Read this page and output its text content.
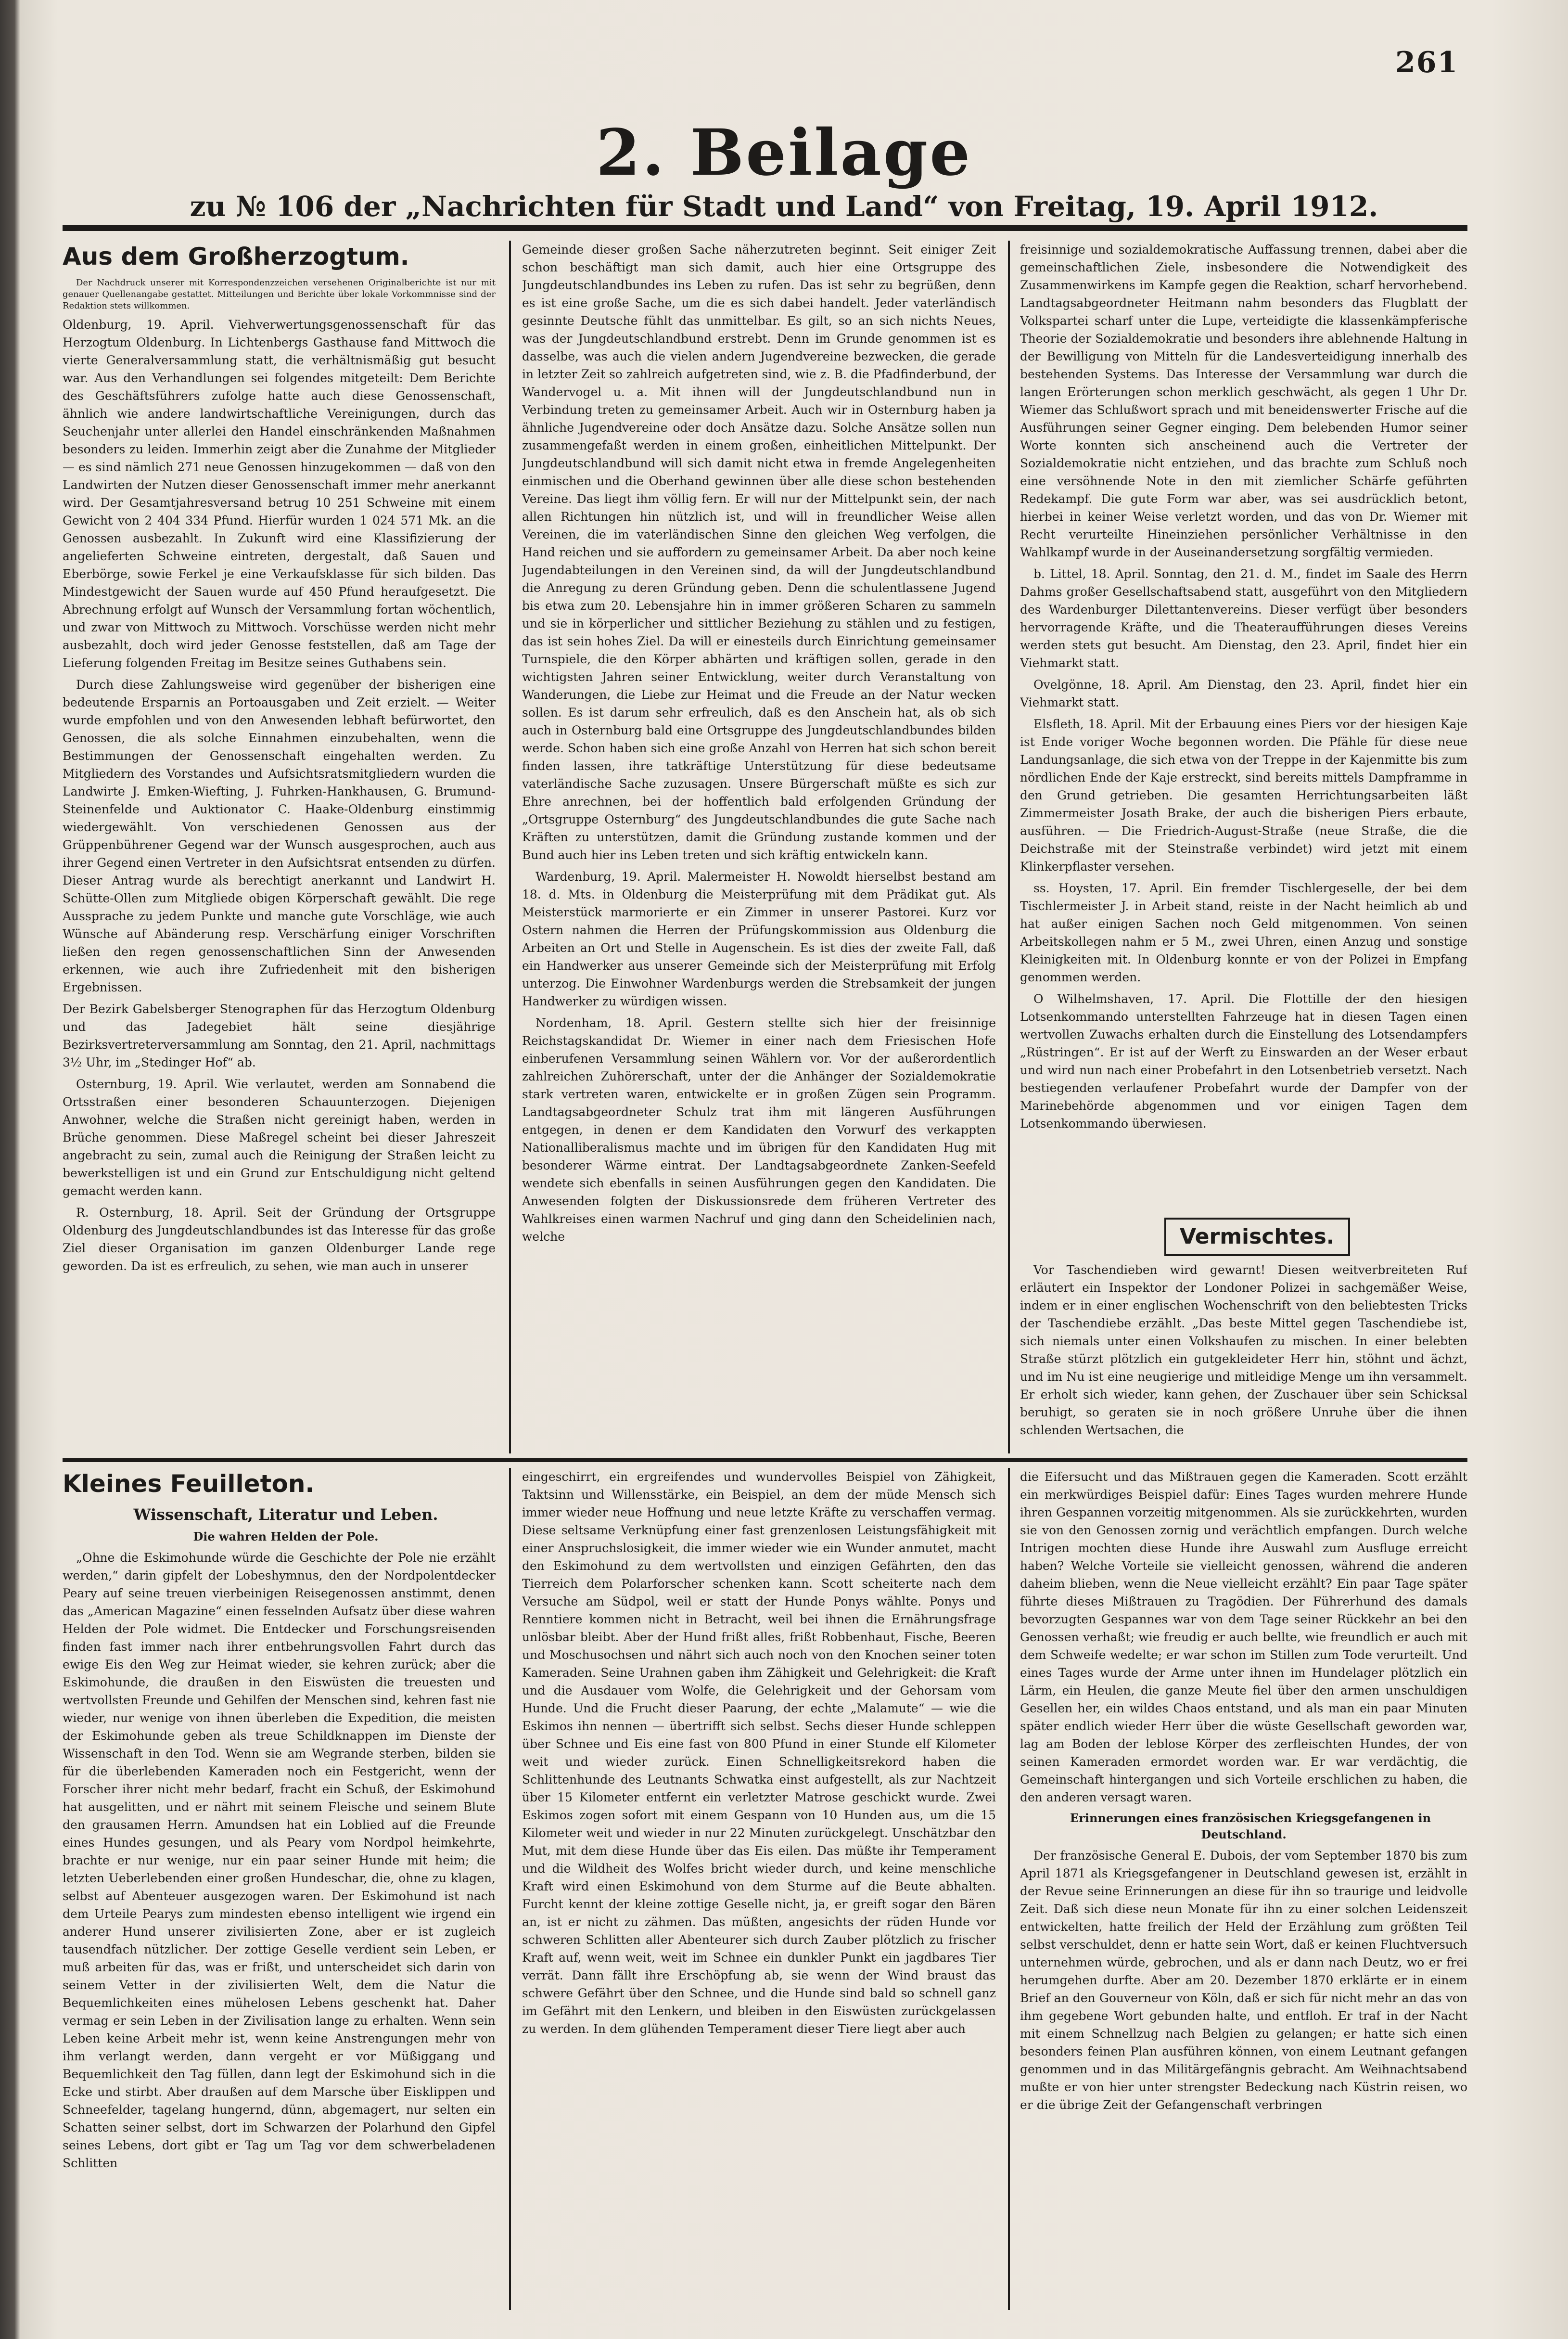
261
2. Beilage
zu № 106 der „Nachrichten für Stadt und Land“ von Freitag, 19. April 1912.
Aus dem Großherzogtum.

Der Nachdruck unserer mit Korrespondenzzeichen versehenen Originalberichte ist nur mit genauer Quellenangabe gestattet. Mitteilungen und Berichte über lokale Vorkommnisse sind der Redaktion stets willkommen.

Oldenburg, 19. April. Viehverwertungsgenossenschaft für das Herzogtum Oldenburg. In Lichtenbergs Gasthause fand Mittwoch die vierte Generalversammlung statt, die verhältnismäßig gut besucht war. Aus den Verhandlungen sei folgendes mitgeteilt: Dem Berichte des Geschäftsführers zufolge hatte auch diese Genossenschaft, ähnlich wie andere landwirtschaftliche Vereinigungen, durch das Seuchenjahr unter allerlei den Handel einschränkenden Maßnahmen besonders zu leiden. Immerhin zeigt aber die Zunahme der Mitglieder — es sind nämlich 271 neue Genossen hinzugekommen — daß von den Landwirten der Nutzen dieser Genossenschaft immer mehr anerkannt wird. Der Gesamtjahresversand betrug 10 251 Schweine mit einem Gewicht von 2 404 334 Pfund. Hierfür wurden 1 024 571 Mk. an die Genossen ausbezahlt. In Zukunft wird eine Klassifizierung der angelieferten Schweine eintreten, dergestalt, daß Sauen und Eberbörge, sowie Ferkel je eine Verkaufsklasse für sich bilden. Das Mindestgewicht der Sauen wurde auf 450 Pfund heraufgesetzt. Die Abrechnung erfolgt auf Wunsch der Versammlung fortan wöchentlich, und zwar von Mittwoch zu Mittwoch. Vorschüsse werden nicht mehr ausbezahlt, doch wird jeder Genosse feststellen, daß am Tage der Lieferung folgenden Freitag im Besitze seines Guthabens sein.

Durch diese Zahlungsweise wird gegenüber der bisherigen eine bedeutende Ersparnis an Portoausgaben und Zeit erzielt. — Weiter wurde empfohlen und von den Anwesenden lebhaft befürwortet, den Genossen, die als solche Einnahmen einzubehalten, wenn die Bestimmungen der Genossenschaft eingehalten werden. Zu Mitgliedern des Vorstandes und Aufsichtsratsmitgliedern wurden die Landwirte J. Emken-Wiefting, J. Fuhrken-Hankhausen, G. Brumund-Steinenfelde und Auktionator C. Haake-Oldenburg einstimmig wiedergewählt. Von verschiedenen Genossen aus der Grüppenbührener Gegend war der Wunsch ausgesprochen, auch aus ihrer Gegend einen Vertreter in den Aufsichtsrat entsenden zu dürfen. Dieser Antrag wurde als berechtigt anerkannt und Landwirt H. Schütte-Ollen zum Mitgliede obigen Körperschaft gewählt. Die rege Aussprache zu jedem Punkte und manche gute Vorschläge, wie auch Wünsche auf Abänderung resp. Verschärfung einiger Vorschriften ließen den regen genossenschaftlichen Sinn der Anwesenden erkennen, wie auch ihre Zufriedenheit mit den bisherigen Ergebnissen.

Der Bezirk Gabelsberger Stenographen für das Herzogtum Oldenburg und das Jadegebiet hält seine diesjährige Bezirksvertreterversammlung am Sonntag, den 21. April, nachmittags 3½ Uhr, im „Stedinger Hof“ ab.

Osternburg, 19. April. Wie verlautet, werden am Sonnabend die Ortsstraßen einer besonderen Schauunterzogen. Diejenigen Anwohner, welche die Straßen nicht gereinigt haben, werden in Brüche genommen. Diese Maßregel scheint bei dieser Jahreszeit angebracht zu sein, zumal auch die Reinigung der Straßen leicht zu bewerkstelligen ist und ein Grund zur Entschuldigung nicht geltend gemacht werden kann.

R. Osternburg, 18. April. Seit der Gründung der Ortsgruppe Oldenburg des Jungdeutschlandbundes ist das Interesse für das große Ziel dieser Organisation im ganzen Oldenburger Lande rege geworden. Da ist es erfreulich, zu sehen, wie man auch in unserer

Gemeinde dieser großen Sache näherzutreten beginnt. Seit einiger Zeit schon beschäftigt man sich damit, auch hier eine Ortsgruppe des Jungdeutschlandbundes ins Leben zu rufen. Das ist sehr zu begrüßen, denn es ist eine große Sache, um die es sich dabei handelt. Jeder vaterländisch gesinnte Deutsche fühlt das unmittelbar. Es gilt, so an sich nichts Neues, was der Jungdeutschlandbund erstrebt. Denn im Grunde genommen ist es dasselbe, was auch die vielen andern Jugendvereine bezwecken, die gerade in letzter Zeit so zahlreich aufgetreten sind, wie z. B. die Pfadfinderbund, der Wandervogel u. a. Mit ihnen will der Jungdeutschlandbund nun in Verbindung treten zu gemeinsamer Arbeit. Auch wir in Osternburg haben ja ähnliche Jugendvereine oder doch Ansätze dazu. Solche Ansätze sollen nun zusammengefaßt werden in einem großen, einheitlichen Mittelpunkt. Der Jungdeutschlandbund will sich damit nicht etwa in fremde Angelegenheiten einmischen und die Oberhand gewinnen über alle diese schon bestehenden Vereine. Das liegt ihm völlig fern. Er will nur der Mittelpunkt sein, der nach allen Richtungen hin nützlich ist, und will in freundlicher Weise allen Vereinen, die im vaterländischen Sinne den gleichen Weg verfolgen, die Hand reichen und sie auffordern zu gemeinsamer Arbeit. Da aber noch keine Jugendabteilungen in den Vereinen sind, da will der Jungdeutschlandbund die Anregung zu deren Gründung geben. Denn die schulentlassene Jugend bis etwa zum 20. Lebensjahre hin in immer größeren Scharen zu sammeln und sie in körperlicher und sittlicher Beziehung zu stählen und zu festigen, das ist sein hohes Ziel. Da will er einesteils durch Einrichtung gemeinsamer Turnspiele, die den Körper abhärten und kräftigen sollen, gerade in den wichtigsten Jahren seiner Entwicklung, weiter durch Veranstaltung von Wanderungen, die Liebe zur Heimat und die Freude an der Natur wecken sollen. Es ist darum sehr erfreulich, daß es den Anschein hat, als ob sich auch in Osternburg bald eine Ortsgruppe des Jungdeutschlandbundes bilden werde. Schon haben sich eine große Anzahl von Herren hat sich schon bereit finden lassen, ihre tatkräftige Unterstützung für diese bedeutsame vaterländische Sache zuzusagen. Unsere Bürgerschaft müßte es sich zur Ehre anrechnen, bei der hoffentlich bald erfolgenden Gründung der „Ortsgruppe Osternburg“ des Jungdeutschlandbundes die gute Sache nach Kräften zu unterstützen, damit die Gründung zustande kommen und der Bund auch hier ins Leben treten und sich kräftig entwickeln kann.

Wardenburg, 19. April. Malermeister H. Nowoldt hierselbst bestand am 18. d. Mts. in Oldenburg die Meisterprüfung mit dem Prädikat gut. Als Meisterstück marmorierte er ein Zimmer in unserer Pastorei. Kurz vor Ostern nahmen die Herren der Prüfungskommission aus Oldenburg die Arbeiten an Ort und Stelle in Augenschein. Es ist dies der zweite Fall, daß ein Handwerker aus unserer Gemeinde sich der Meisterprüfung mit Erfolg unterzog. Die Einwohner Wardenburgs werden die Strebsamkeit der jungen Handwerker zu würdigen wissen.

Nordenham, 18. April. Gestern stellte sich hier der freisinnige Reichstagskandidat Dr. Wiemer in einer nach dem Friesischen Hofe einberufenen Versammlung seinen Wählern vor. Vor der außerordentlich zahlreichen Zuhörerschaft, unter der die Anhänger der Sozialdemokratie stark vertreten waren, entwickelte er in großen Zügen sein Programm. Landtagsabgeordneter Schulz trat ihm mit längeren Ausführungen entgegen, in denen er dem Kandidaten den Vorwurf des verkappten Nationalliberalismus machte und im übrigen für den Kandidaten Hug mit besonderer Wärme eintrat. Der Landtagsabgeordnete Zanken-Seefeld wendete sich ebenfalls in seinen Ausführungen gegen den Kandidaten. Die Anwesenden folgten der Diskussionsrede dem früheren Vertreter des Wahlkreises einen warmen Nachruf und ging dann den Scheidelinien nach, welche

freisinnige und sozialdemokratische Auffassung trennen, dabei aber die gemeinschaftlichen Ziele, insbesondere die Notwendigkeit des Zusammenwirkens im Kampfe gegen die Reaktion, scharf hervorhebend. Landtagsabgeordneter Heitmann nahm besonders das Flugblatt der Volkspartei scharf unter die Lupe, verteidigte die klassenkämpferische Theorie der Sozialdemokratie und besonders ihre ablehnende Haltung in der Bewilligung von Mitteln für die Landesverteidigung innerhalb des bestehenden Systems. Das Interesse der Versammlung war durch die langen Erörterungen schon merklich geschwächt, als gegen 1 Uhr Dr. Wiemer das Schlußwort sprach und mit beneidenswerter Frische auf die Ausführungen seiner Gegner einging. Dem belebenden Humor seiner Worte konnten sich anscheinend auch die Vertreter der Sozialdemokratie nicht entziehen, und das brachte zum Schluß noch eine versöhnende Note in den mit ziemlicher Schärfe geführten Redekampf. Die gute Form war aber, was sei ausdrücklich betont, hierbei in keiner Weise verletzt worden, und das von Dr. Wiemer mit Recht verurteilte Hineinziehen persönlicher Verhältnisse in den Wahlkampf wurde in der Auseinandersetzung sorgfältig vermieden.

b. Littel, 18. April. Sonntag, den 21. d. M., findet im Saale des Herrn Dahms großer Gesellschaftsabend statt, ausgeführt von den Mitgliedern des Wardenburger Dilettantenvereins. Dieser verfügt über besonders hervorragende Kräfte, und die Theateraufführungen dieses Vereins werden stets gut besucht. Am Dienstag, den 23. April, findet hier ein Viehmarkt statt.

Ovelgönne, 18. April. Am Dienstag, den 23. April, findet hier ein Viehmarkt statt.

Elsfleth, 18. April. Mit der Erbauung eines Piers vor der hiesigen Kaje ist Ende voriger Woche begonnen worden. Die Pfähle für diese neue Landungsanlage, die sich etwa von der Treppe in der Kajenmitte bis zum nördlichen Ende der Kaje erstreckt, sind bereits mittels Dampframme in den Grund getrieben. Die gesamten Herrichtungsarbeiten läßt Zimmermeister Josath Brake, der auch die bisherigen Piers erbaute, ausführen. — Die Friedrich-August-Straße (neue Straße, die die Deichstraße mit der Steinstraße verbindet) wird jetzt mit einem Klinkerpflaster versehen.

ss. Hoysten, 17. April. Ein fremder Tischlergeselle, der bei dem Tischlermeister J. in Arbeit stand, reiste in der Nacht heimlich ab und hat außer einigen Sachen noch Geld mitgenommen. Von seinen Arbeitskollegen nahm er 5 M., zwei Uhren, einen Anzug und sonstige Kleinigkeiten mit. In Oldenburg konnte er von der Polizei in Empfang genommen werden.

O Wilhelmshaven, 17. April. Die Flottille der den hiesigen Lotsenkommando unterstellten Fahrzeuge hat in diesen Tagen einen wertvollen Zuwachs erhalten durch die Einstellung des Lotsendampfers „Rüstringen“. Er ist auf der Werft zu Einswarden an der Weser erbaut und wird nun nach einer Probefahrt in den Lotsenbetrieb versetzt. Nach bestiegenden verlaufener Probefahrt wurde der Dampfer von der Marinebehörde abgenommen und vor einigen Tagen dem Lotsenkommando überwiesen.

Vermischtes.

Vor Taschendieben wird gewarnt! Diesen weitverbreiteten Ruf erläutert ein Inspektor der Londoner Polizei in sachgemäßer Weise, indem er in einer englischen Wochenschrift von den beliebtesten Tricks der Taschendiebe erzählt. „Das beste Mittel gegen Taschendiebe ist, sich niemals unter einen Volkshaufen zu mischen. In einer belebten Straße stürzt plötzlich ein gutgekleideter Herr hin, stöhnt und ächzt, und im Nu ist eine neugierige und mitleidige Menge um ihn versammelt. Er erholt sich wieder, kann gehen, der Zuschauer über sein Schicksal beruhigt, so geraten sie in noch größere Unruhe über die ihnen schlenden Wertsachen, die

Kleines Feuilleton.

Wissenschaft, Literatur und Leben.

Die wahren Helden der Pole.

„Ohne die Eskimohunde würde die Geschichte der Pole nie erzählt werden,“ darin gipfelt der Lobeshymnus, den der Nordpolentdecker Peary auf seine treuen vierbeinigen Reisegenossen anstimmt, denen das „American Magazine“ einen fesselnden Aufsatz über diese wahren Helden der Pole widmet. Die Entdecker und Forschungsreisenden finden fast immer nach ihrer entbehrungsvollen Fahrt durch das ewige Eis den Weg zur Heimat wieder, sie kehren zurück; aber die Eskimohunde, die draußen in den Eiswüsten die treuesten und wertvollsten Freunde und Gehilfen der Menschen sind, kehren fast nie wieder, nur wenige von ihnen überleben die Expedition, die meisten der Eskimohunde geben als treue Schildknappen im Dienste der Wissenschaft in den Tod. Wenn sie am Wegrande sterben, bilden sie für die überlebenden Kameraden noch ein Festgericht, wenn der Forscher ihrer nicht mehr bedarf, fracht ein Schuß, der Eskimohund hat ausgelitten, und er nährt mit seinem Fleische und seinem Blute den grausamen Herrn. Amundsen hat ein Loblied auf die Freunde eines Hundes gesungen, und als Peary vom Nordpol heimkehrte, brachte er nur wenige, nur ein paar seiner Hunde mit heim; die letzten Ueberlebenden einer großen Hundeschar, die, ohne zu klagen, selbst auf Abenteuer ausgezogen waren. Der Eskimohund ist nach dem Urteile Pearys zum mindesten ebenso intelligent wie irgend ein anderer Hund unserer zivilisierten Zone, aber er ist zugleich tausendfach nützlicher. Der zottige Geselle verdient sein Leben, er muß arbeiten für das, was er frißt, und unterscheidet sich darin von seinem Vetter in der zivilisierten Welt, dem die Natur die Bequemlichkeiten eines mühelosen Lebens geschenkt hat. Daher vermag er sein Leben in der Zivilisation lange zu erhalten. Wenn sein Leben keine Arbeit mehr ist, wenn keine Anstrengungen mehr von ihm verlangt werden, dann vergeht er vor Müßiggang und Bequemlichkeit den Tag füllen, dann legt der Eskimohund sich in die Ecke und stirbt. Aber draußen auf dem Marsche über Eisklippen und Schneefelder, tagelang hungernd, dünn, abgemagert, nur selten ein Schatten seiner selbst, dort im Schwarzen der Polarhund den Gipfel seines Lebens, dort gibt er Tag um Tag vor dem schwerbeladenen Schlitten

eingeschirrt, ein ergreifendes und wundervolles Beispiel von Zähigkeit, Taktsinn und Willensstärke, ein Beispiel, an dem der müde Mensch sich immer wieder neue Hoffnung und neue letzte Kräfte zu verschaffen vermag. Diese seltsame Verknüpfung einer fast grenzenlosen Leistungsfähigkeit mit einer Anspruchslosigkeit, die immer wieder wie ein Wunder anmutet, macht den Eskimohund zu dem wertvollsten und einzigen Gefährten, den das Tierreich dem Polarforscher schenken kann. Scott scheiterte nach dem Versuche am Südpol, weil er statt der Hunde Ponys wählte. Ponys und Renntiere kommen nicht in Betracht, weil bei ihnen die Ernährungsfrage unlösbar bleibt. Aber der Hund frißt alles, frißt Robbenhaut, Fische, Beeren und Moschusochsen und nährt sich auch noch von den Knochen seiner toten Kameraden. Seine Urahnen gaben ihm Zähigkeit und Gelehrigkeit: die Kraft und die Ausdauer vom Wolfe, die Gelehrigkeit und der Gehorsam vom Hunde. Und die Frucht dieser Paarung, der echte „Malamute“ — wie die Eskimos ihn nennen — übertrifft sich selbst. Sechs dieser Hunde schleppen über Schnee und Eis eine fast von 800 Pfund in einer Stunde elf Kilometer weit und wieder zurück. Einen Schnelligkeitsrekord haben die Schlittenhunde des Leutnants Schwatka einst aufgestellt, als zur Nachtzeit über 15 Kilometer entfernt ein verletzter Matrose geschickt wurde. Zwei Eskimos zogen sofort mit einem Gespann von 10 Hunden aus, um die 15 Kilometer weit und wieder in nur 22 Minuten zurückgelegt. Unschätzbar den Mut, mit dem diese Hunde über das Eis eilen. Das müßte ihr Temperament und die Wildheit des Wolfes bricht wieder durch, und keine menschliche Kraft wird einen Eskimohund von dem Sturme auf die Beute abhalten. Furcht kennt der kleine zottige Geselle nicht, ja, er greift sogar den Bären an, ist er nicht zu zähmen. Das müßten, angesichts der rüden Hunde vor schweren Schlitten aller Abenteurer sich durch Zauber plötzlich zu frischer Kraft auf, wenn weit, weit im Schnee ein dunkler Punkt ein jagdbares Tier verrät. Dann fällt ihre Erschöpfung ab, sie wenn der Wind braust das schwere Gefährt über den Schnee, und die Hunde sind bald so schnell ganz im Gefährt mit den Lenkern, und bleiben in den Eiswüsten zurückgelassen zu werden. In dem glühenden Temperament dieser Tiere liegt aber auch

die Eifersucht und das Mißtrauen gegen die Kameraden. Scott erzählt ein merkwürdiges Beispiel dafür: Eines Tages wurden mehrere Hunde ihren Gespannen vorzeitig mitgenommen. Als sie zurückkehrten, wurden sie von den Genossen zornig und verächtlich empfangen. Durch welche Intrigen mochten diese Hunde ihre Auswahl zum Ausfluge erreicht haben? Welche Vorteile sie vielleicht genossen, während die anderen daheim blieben, wenn die Neue vielleicht erzählt? Ein paar Tage später führte dieses Mißtrauen zu Tragödien. Der Führerhund des damals bevorzugten Gespannes war von dem Tage seiner Rückkehr an bei den Genossen verhaßt; wie freudig er auch bellte, wie freundlich er auch mit dem Schweife wedelte; er war schon im Stillen zum Tode verurteilt. Und eines Tages wurde der Arme unter ihnen im Hundelager plötzlich ein Lärm, ein Heulen, die ganze Meute fiel über den armen unschuldigen Gesellen her, ein wildes Chaos entstand, und als man ein paar Minuten später endlich wieder Herr über die wüste Gesellschaft geworden war, lag am Boden der leblose Körper des zerfleischten Hundes, der von seinen Kameraden ermordet worden war. Er war verdächtig, die Gemeinschaft hintergangen und sich Vorteile erschlichen zu haben, die den anderen versagt waren.

Erinnerungen eines französischen Kriegsgefangenen in Deutschland.

Der französische General E. Dubois, der vom September 1870 bis zum April 1871 als Kriegsgefangener in Deutschland gewesen ist, erzählt in der Revue seine Erinnerungen an diese für ihn so traurige und leidvolle Zeit. Daß sich diese neun Monate für ihn zu einer solchen Leidenszeit entwickelten, hatte freilich der Held der Erzählung zum größten Teil selbst verschuldet, denn er hatte sein Wort, daß er keinen Fluchtversuch unternehmen würde, gebrochen, und als er dann nach Deutz, wo er frei herumgehen durfte. Aber am 20. Dezember 1870 erklärte er in einem Brief an den Gouverneur von Köln, daß er sich für nicht mehr an das von ihm gegebene Wort gebunden halte, und entfloh. Er traf in der Nacht mit einem Schnellzug nach Belgien zu gelangen; er hatte sich einen besonders feinen Plan ausführen können, von einem Leutnant gefangen genommen und in das Militärgefängnis gebracht. Am Weihnachtsabend mußte er von hier unter strengster Bedeckung nach Küstrin reisen, wo er die übrige Zeit der Gefangenschaft verbringen
